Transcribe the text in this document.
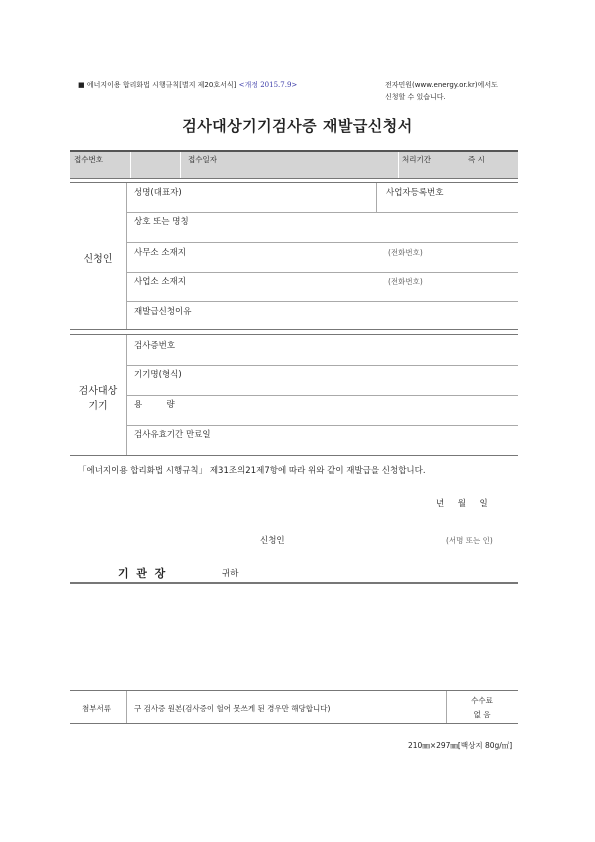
■ 에너지이용 합리화법 시행규칙[별지 제20호서식] <개정 2015.7.9>	전자민원(www.energy.or.kr)에서도
신청할 수 있습니다.
검사대상기기검사증 재발급신청서
접수번호	접수일자	처리기간	즉 시
신청인
성명(대표자)	사업자등록번호
상호 또는 명칭
사무소 소재지	(전화번호)
사업소 소재지	(전화번호)
재발급신청이유
검사대상
기기
검사증번호
기기명(형식)
용         량
검사유효기간 만료일
「에너지이용 합리화법 시행규칙」 제31조의21제7항에 따라 위와 같이 재발급을 신청합니다.
년     월     일
신청인	(서명 또는 인)
기  관  장	귀하
첨부서류	구 검사증 원본(검사증이 헐어 못쓰게 된 경우만 해당합니다)
수수료
없 음
210㎜×297㎜[백상지 80g/㎡]
